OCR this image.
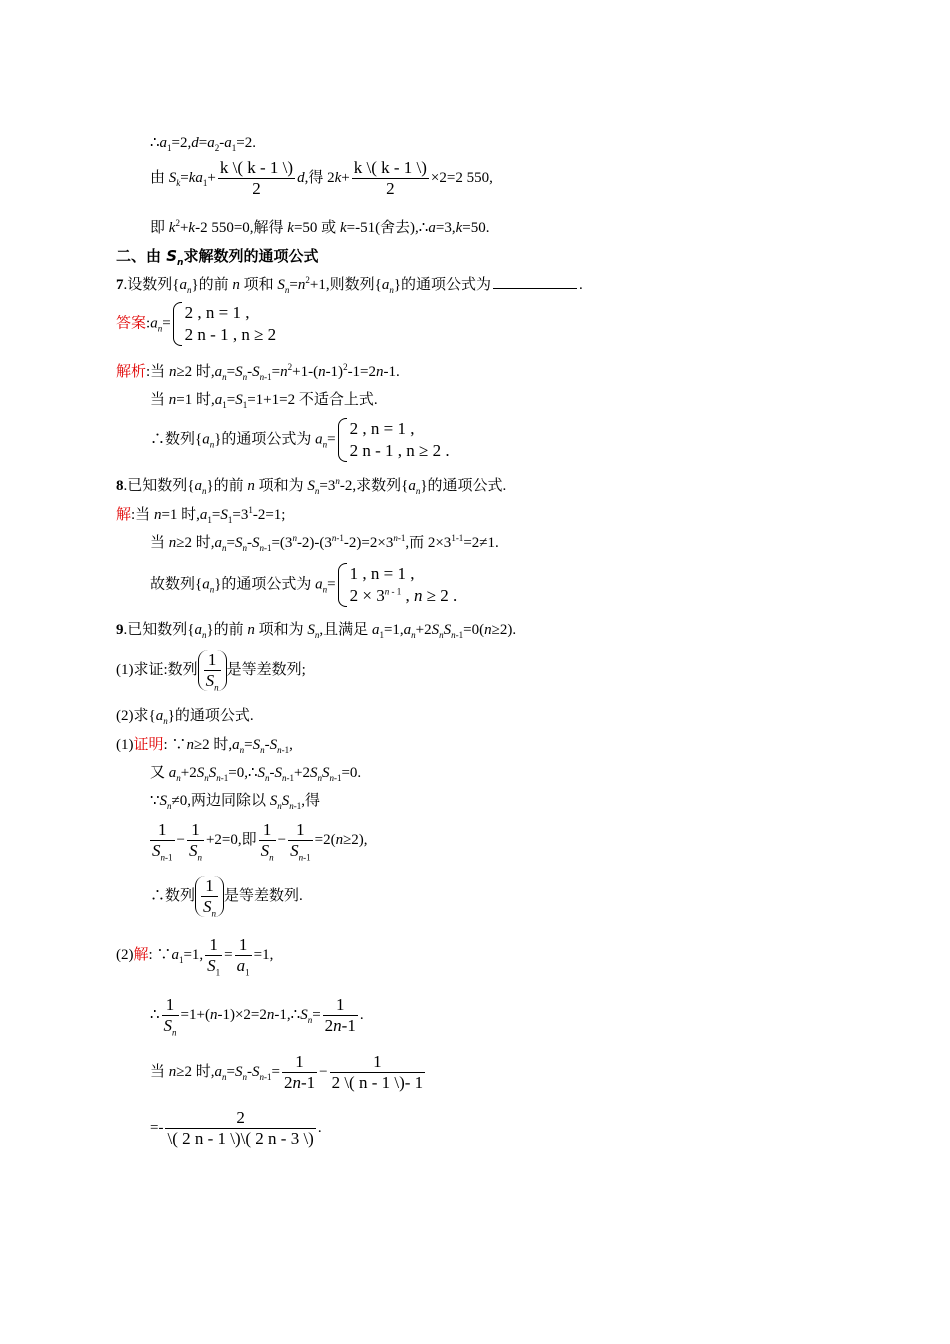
$\therefore a_1=2,d=a_2-a_1=2$.
由 $S_k=ka_1+ \frac{k \backslash( k - 1 \backslash)}{2} d$,得 $2k+ \frac{k \backslash( k - 1 \backslash)}{2} \times 2=2$ 550,
即 $k^2+k-2$ 550=0,解得 k=50 或 k=-51(舍去),∴a=3,k=50.
二、由 $S_n$求解数列的通项公式
7.设数列$\{a_n\}$的前 n 项和 $S_n=n^2+1$,则数列$\{a_n\}$的通项公式为	.
答案$:a_n=$
2 , n = 1 ,
2 n - 1 , n ≥ 2
解析:当 n≥2 时$,a_n=S_n-S_{n-1}=n^2+1-(n-1)^2-1=2n-1$.
当 n=1 时$,a_1=S_1=1+1=2$ 不适合上式.
∴数列$\{a_n\}$的通项公式为 $a_n=$
2 , n = 1 ,
2 n - 1 , n ≥ 2 .
8.已知数列$\{a_n\}$的前 n 项和为 $S_n=3^n-2$,求数列$\{a_n\}$的通项公式.
解:当 n=1 时$,a_1=S_1=3^1-2=1$;
当 n≥2 时$,a_n=S_n-S_{n-1}=(3^n-2)-(3^{n-1}-2)=2\times 3^{n-1}$,而 $2\times 3^{1-1}=2\ne 1$.
故数列$\{a_n\}$的通项公式为 $a_n=$
1 , n = 1 ,
$2 \times 3^{n - 1}$ , n ≥ 2 .
9.已知数列$\{a_n\}$的前 n 项和为 $S_n$,且满足 $a_1=1,a_n+2S_nS_{n-1}=0(n\ge 2)$.
(1)求证:数列 $\frac{1}{S_n}$ 是等差数列;
(2)求$\{a_n\}$的通项公式.
(1)证明: ∵n≥2 时$,a_n=S_n-S_{n-1}$,
又 $a_n+2S_nS_{n-1}=0,\therefore S_n-S_{n-1}+2S_nS_{n-1}=0$.
$\because S_n\ne 0$,两边同除以 $S_nS_{n-1}$,得
$\frac{1}{S_{n-1}} - \frac{1}{S_n} +2=0$,即 $\frac{1}{S_n} - \frac{1}{S_{n-1}} =2(n\ge 2)$,
∴数列 $\frac{1}{S_n}$ 是等差数列.
(2)解: $\because a_1=1$, $\frac{1}{S_1} = \frac{1}{a_1} =1$,
∴ $\frac{1}{S_n}$ $=1+(n-1)\times 2=2n-1,\therefore S_n= \frac{1}{2n-1}$ .
当 n≥2 时$,a_n=S_n-S_{n-1}= \frac{1}{2n-1} - \frac{1}{2 \backslash( n - 1 \backslash)- 1}$
=- $\frac{2}{\backslash( 2 n - 1 \backslash)\backslash( 2 n - 3 \backslash)}$ .
